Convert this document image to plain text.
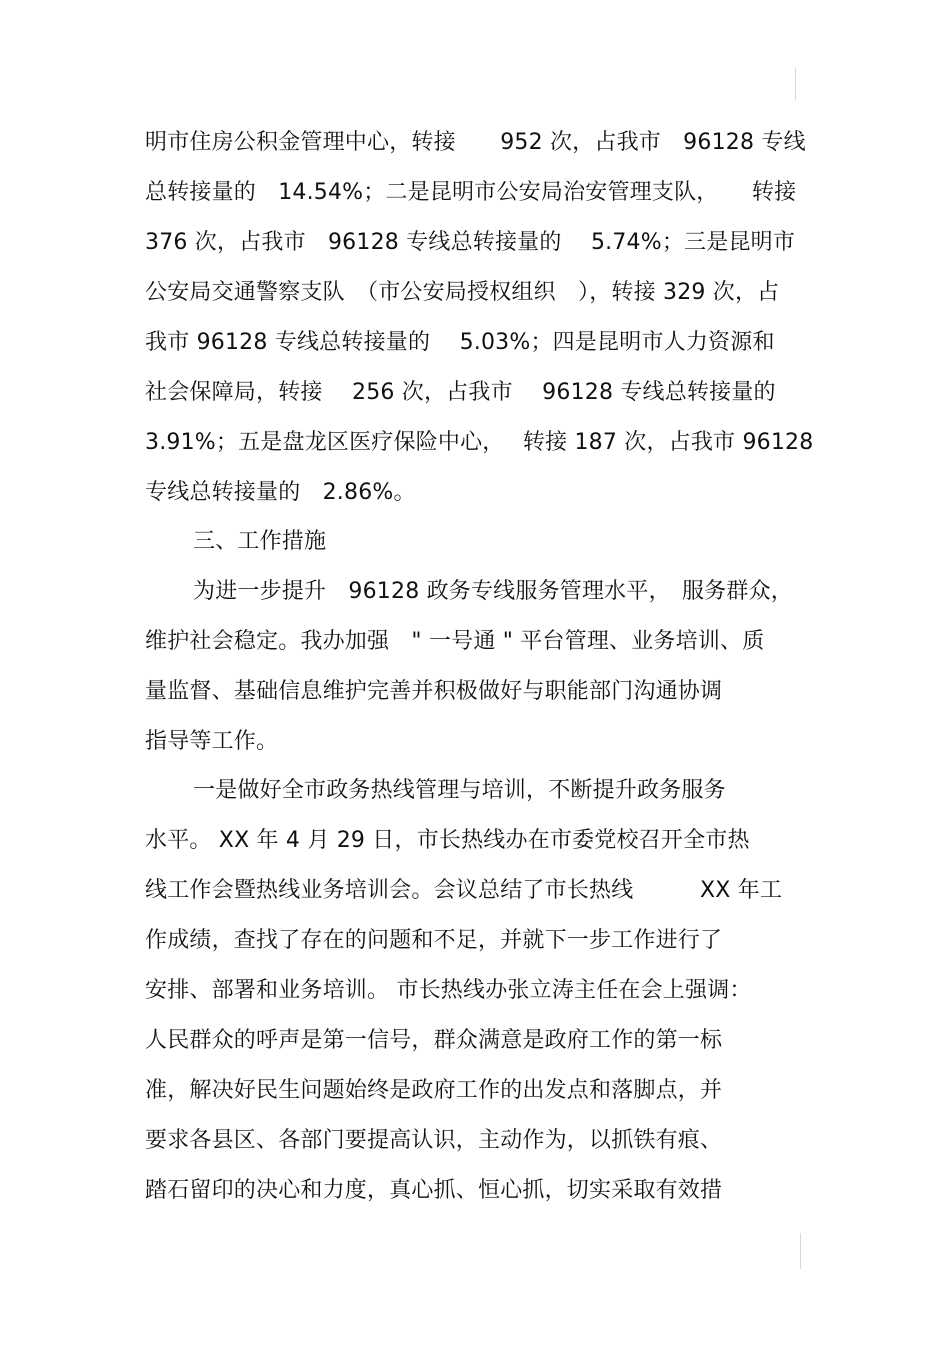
明市住房公积金管理中心，转接　　952 次，占我市　96128 专线
总转接量的　14.54%；二是昆明市公安局治安管理支队，　　转接
376 次，占我市　96128 专线总转接量的　 5.74%；三是昆明市
公安局交通警察支队　（市公安局授权组织　），转接 329 次，占
我市 96128 专线总转接量的　 5.03%；四是昆明市人力资源和
社会保障局，转接　 256 次，占我市　 96128 专线总转接量的
3.91%；五是盘龙区医疗保险中心，　 转接 187 次，占我市 96128
专线总转接量的　2.86%。
三、工作措施
为进一步提升　96128 政务专线服务管理水平，　服务群众，
维护社会稳定。我办加强　" 一号通 " 平台管理、业务培训、质
量监督、基础信息维护完善并积极做好与职能部门沟通协调
指导等工作。
一是做好全市政务热线管理与培训，不断提升政务服务
水平。 XX 年 4 月 29 日，市长热线办在市委党校召开全市热
线工作会暨热线业务培训会。会议总结了市长热线　　　XX 年工
作成绩，查找了存在的问题和不足，并就下一步工作进行了
安排、部署和业务培训。 市长热线办张立涛主任在会上强调：
人民群众的呼声是第一信号，群众满意是政府工作的第一标
准，解决好民生问题始终是政府工作的出发点和落脚点，并
要求各县区、各部门要提高认识，主动作为，以抓铁有痕、
踏石留印的决心和力度，真心抓、恒心抓，切实采取有效措
